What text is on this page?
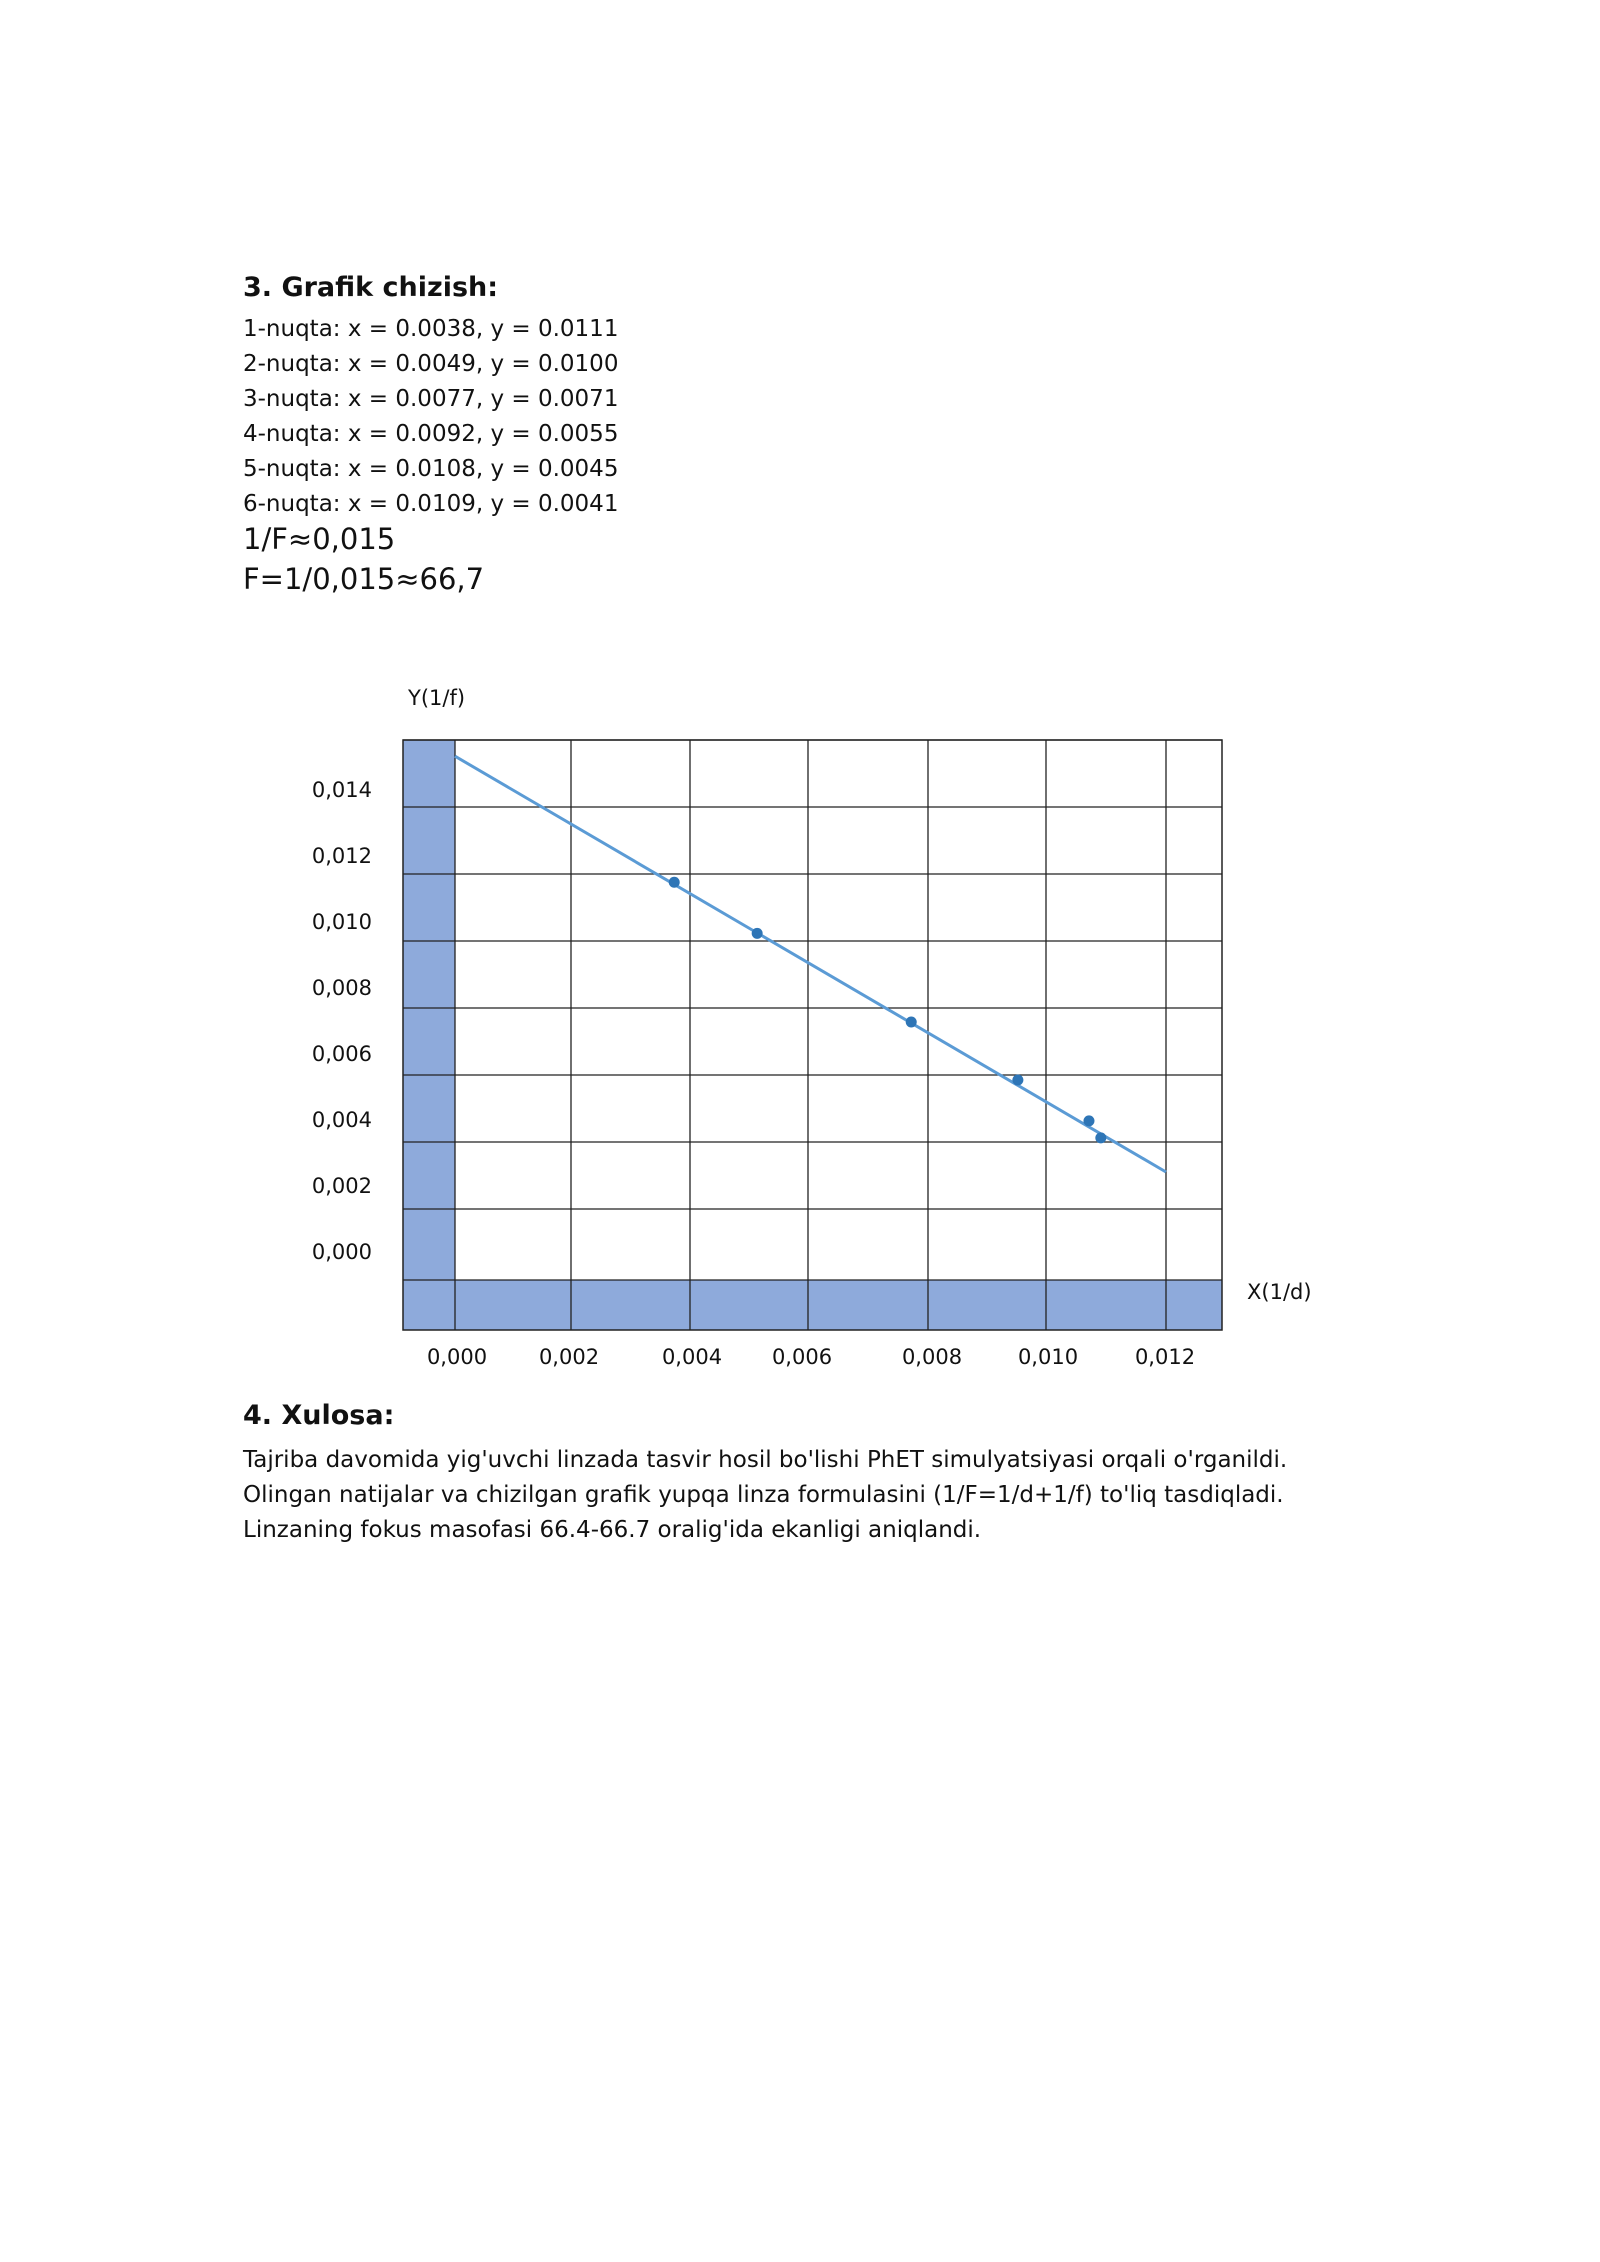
3. Grafik chizish:
1-nuqta: x = 0.0038, y = 0.0111
2-nuqta: x = 0.0049, y = 0.0100
3-nuqta: x = 0.0077, y = 0.0071
4-nuqta: x = 0.0092, y = 0.0055
5-nuqta: x = 0.0108, y = 0.0045
6-nuqta: x = 0.0109, y = 0.0041
1/F≈0,015
F=1/0,015≈66,7
0,014
0,012
0,010
0,008
0,006
0,004
0,002
0,000
0,000 0,002	0,004 0,006	0,008	0,010	0,012
Y(1/f)
X(1/d)
4. Xulosa:
Tajriba davomida yig'uvchi linzada tasvir hosil bo'lishi PhET simulyatsiyasi orqali o'rganildi.
Olingan natijalar va chizilgan grafik yupqa linza formulasini (1/F=1/d+1/f) to'liq tasdiqladi.
Linzaning fokus masofasi 66.4-66.7 oralig'ida ekanligi aniqlandi.
